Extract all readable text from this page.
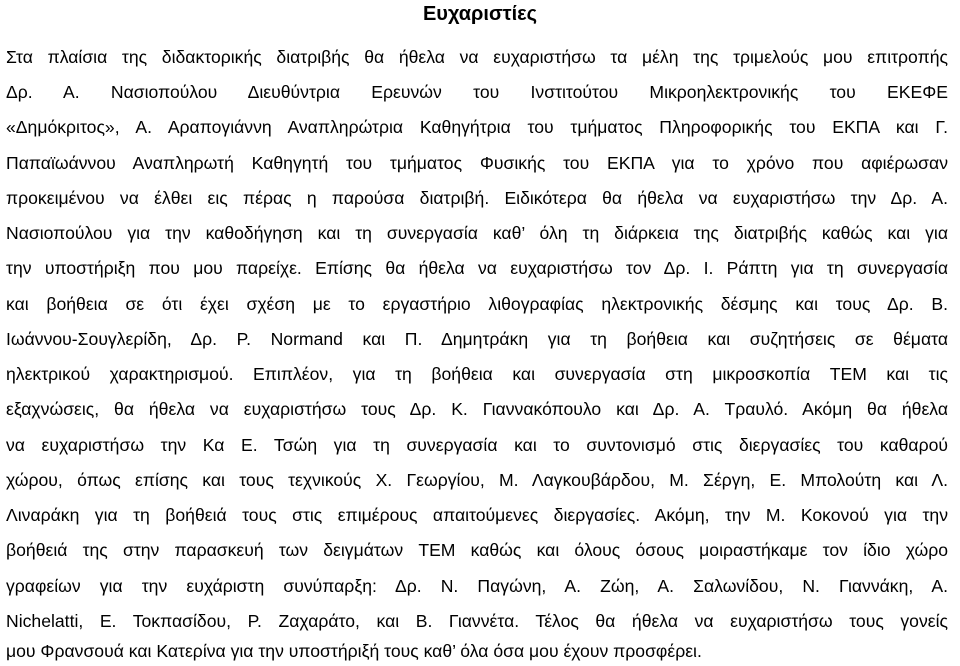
Ευχαριστίες
Στα πλαίσια της διδακτορικής διατριβής θα ήθελα να ευχαριστήσω τα μέλη της τριμελούς μου επιτροπής
Δρ. Α. Νασιοπούλου Διευθύντρια Ερευνών του Ινστιτούτου Μικροηλεκτρονικής του ΕΚΕΦΕ
«Δημόκριτος», Α. Αραπογιάννη Αναπληρώτρια Καθηγήτρια του τμήματος Πληροφορικής του ΕΚΠΑ και Γ.
Παπαϊωάννου Αναπληρωτή Καθηγητή του τμήματος Φυσικής του ΕΚΠΑ για το χρόνο που αφιέρωσαν
προκειμένου να έλθει εις πέρας η παρούσα διατριβή. Ειδικότερα θα ήθελα να ευχαριστήσω την Δρ. Α.
Νασιοπούλου για την καθοδήγηση και τη συνεργασία καθ’ όλη τη διάρκεια της διατριβής καθώς και για
την υποστήριξη που μου παρείχε. Επίσης θα ήθελα να ευχαριστήσω τον Δρ. Ι. Ράπτη για τη συνεργασία
και βοήθεια σε ότι έχει σχέση με το εργαστήριο λιθογραφίας ηλεκτρονικής δέσμης και τους Δρ. Β.
Ιωάννου-Σουγλερίδη, Δρ. Ρ. Normand και Π. Δημητράκη για τη βοήθεια και συζητήσεις σε θέματα
ηλεκτρικού χαρακτηρισμού. Επιπλέον, για τη βοήθεια και συνεργασία στη μικροσκοπία TEM και τις
εξαχνώσεις, θα ήθελα να ευχαριστήσω τους Δρ. Κ. Γιαννακόπουλο και Δρ. Α. Τραυλό. Ακόμη θα ήθελα
να ευχαριστήσω την Κα Ε. Τσώη για τη συνεργασία και το συντονισμό στις διεργασίες του καθαρού
χώρου, όπως επίσης και τους τεχνικούς Χ. Γεωργίου, Μ. Λαγκουβάρδου, Μ. Σέργη, Ε. Μπολούτη και Λ.
Λιναράκη για τη βοήθειά τους στις επιμέρους απαιτούμενες διεργασίες. Ακόμη, την Μ. Κοκονού για την
βοήθειά της στην παρασκευή των δειγμάτων TEM καθώς και όλους όσους μοιραστήκαμε τον ίδιο χώρο
γραφείων για την ευχάριστη συνύπαρξη: Δρ. Ν. Παγώνη, Α. Ζώη, Α. Σαλωνίδου, Ν. Γιαννάκη, Α.
Nichelatti, Ε. Τοκπασίδου, Ρ. Ζαχαράτο, και Β. Γιαννέτα. Τέλος θα ήθελα να ευχαριστήσω τους γονείς
μου Φρανσουά και Κατερίνα για την υποστήριξή τους καθ’ όλα όσα μου έχουν προσφέρει.
